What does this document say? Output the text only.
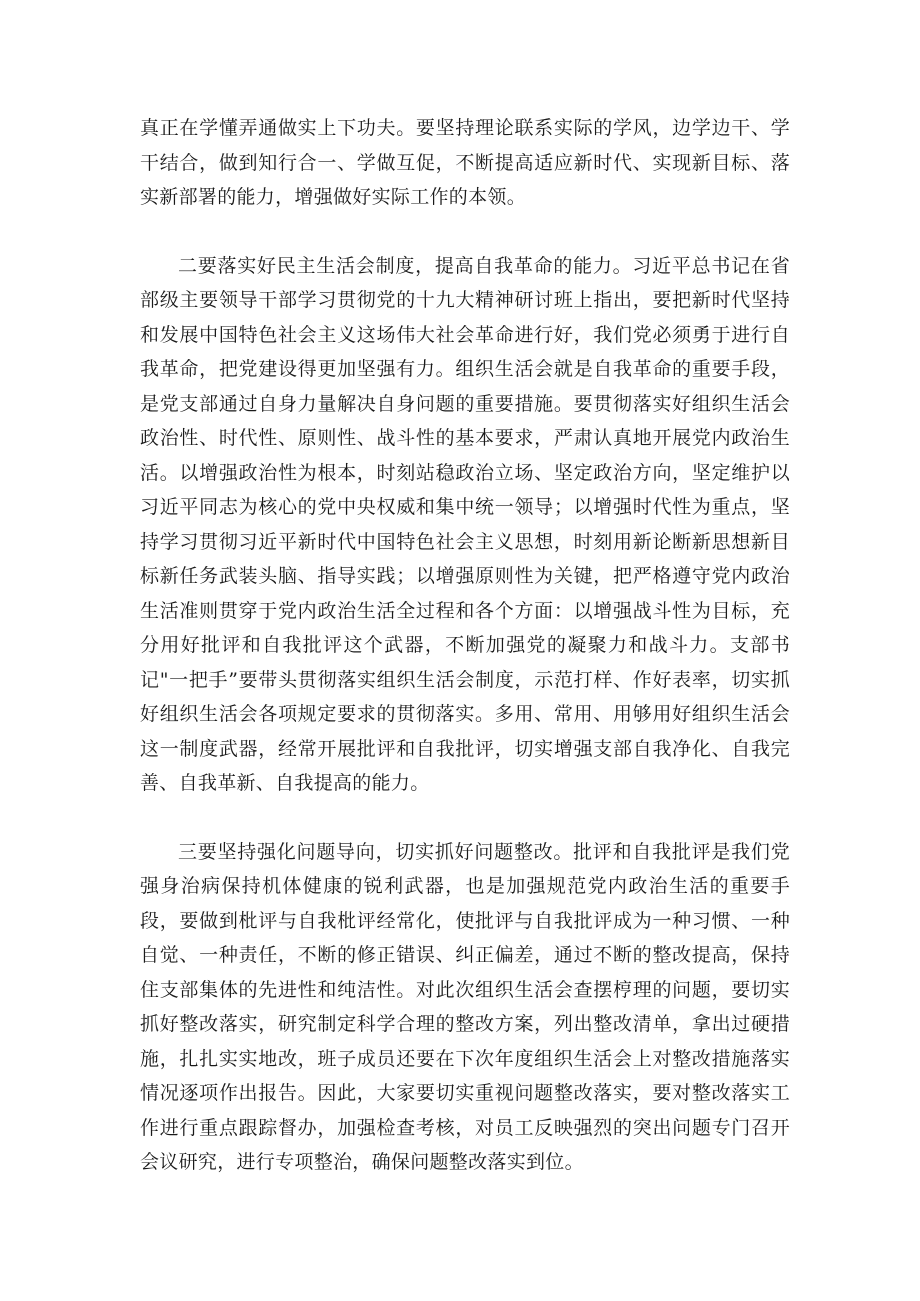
真正在学懂弄通做实上下功夫。要坚持理论联系实际的学风，边学边干、学干结合，做到知行合一、学做互促，不断提高适应新时代、实现新目标、落实新部署的能力，增强做好实际工作的本领。

二要落实好民主生活会制度，提高自我革命的能力。习近平总书记在省部级主要领导干部学习贯彻党的十九大精神研讨班上指出，要把新时代坚持和发展中国特色社会主义这场伟大社会革命进行好，我们党必须勇于进行自我革命，把党建设得更加坚强有力。组织生活会就是自我革命的重要手段，是党支部通过自身力量解决自身问题的重要措施。要贯彻落实好组织生活会政治性、时代性、原则性、战斗性的基本要求，严肃认真地开展党内政治生活。以增强政治性为根本，时刻站稳政治立场、坚定政治方向，坚定维护以习近平同志为核心的党中央权威和集中统一领导；以增强时代性为重点，坚持学习贯彻习近平新时代中国特色社会主义思想，时刻用新论断新思想新目标新任务武装头脑、指导实践；以增强原则性为关键，把严格遵守党内政治生活准则贯穿于党内政治生活全过程和各个方面：以增强战斗性为目标，充分用好批评和自我批评这个武器，不断加强党的凝聚力和战斗力。支部书记"一把手”要带头贯彻落实组织生活会制度，示范打样、作好表率，切实抓好组织生活会各项规定要求的贯彻落实。多用、常用、用够用好组织生活会这一制度武器，经常开展批评和自我批评，切实增强支部自我净化、自我完善、自我革新、自我提高的能力。

三要坚持强化问题导向，切实抓好问题整改。批评和自我批评是我们党强身治病保持机体健康的锐利武器，也是加强规范党内政治生活的重要手段，要做到枇评与自我枇评经常化，使批评与自我批评成为一种习惯、一种自觉、一种责任，不断的修正错误、纠正偏差，通过不断的整改提高，保持住支部集体的先进性和纯洁性。对此次组织生活会查摆梈理的问题，要切实抓好整改落实，研究制定科学合理的整改方案，列出整改清单，拿出过硬措施，扎扎实实地改，班子成员还要在下次年度组织生活会上对整改措施落实情况逐项作出报告。因此，大家要切实重视问题整改落实，要对整改落实工作进行重点跟踪督办，加强检查考核，对员工反映强烈的突出问题专门召开会议研究，进行专项整治，确保问题整改落实到位。
